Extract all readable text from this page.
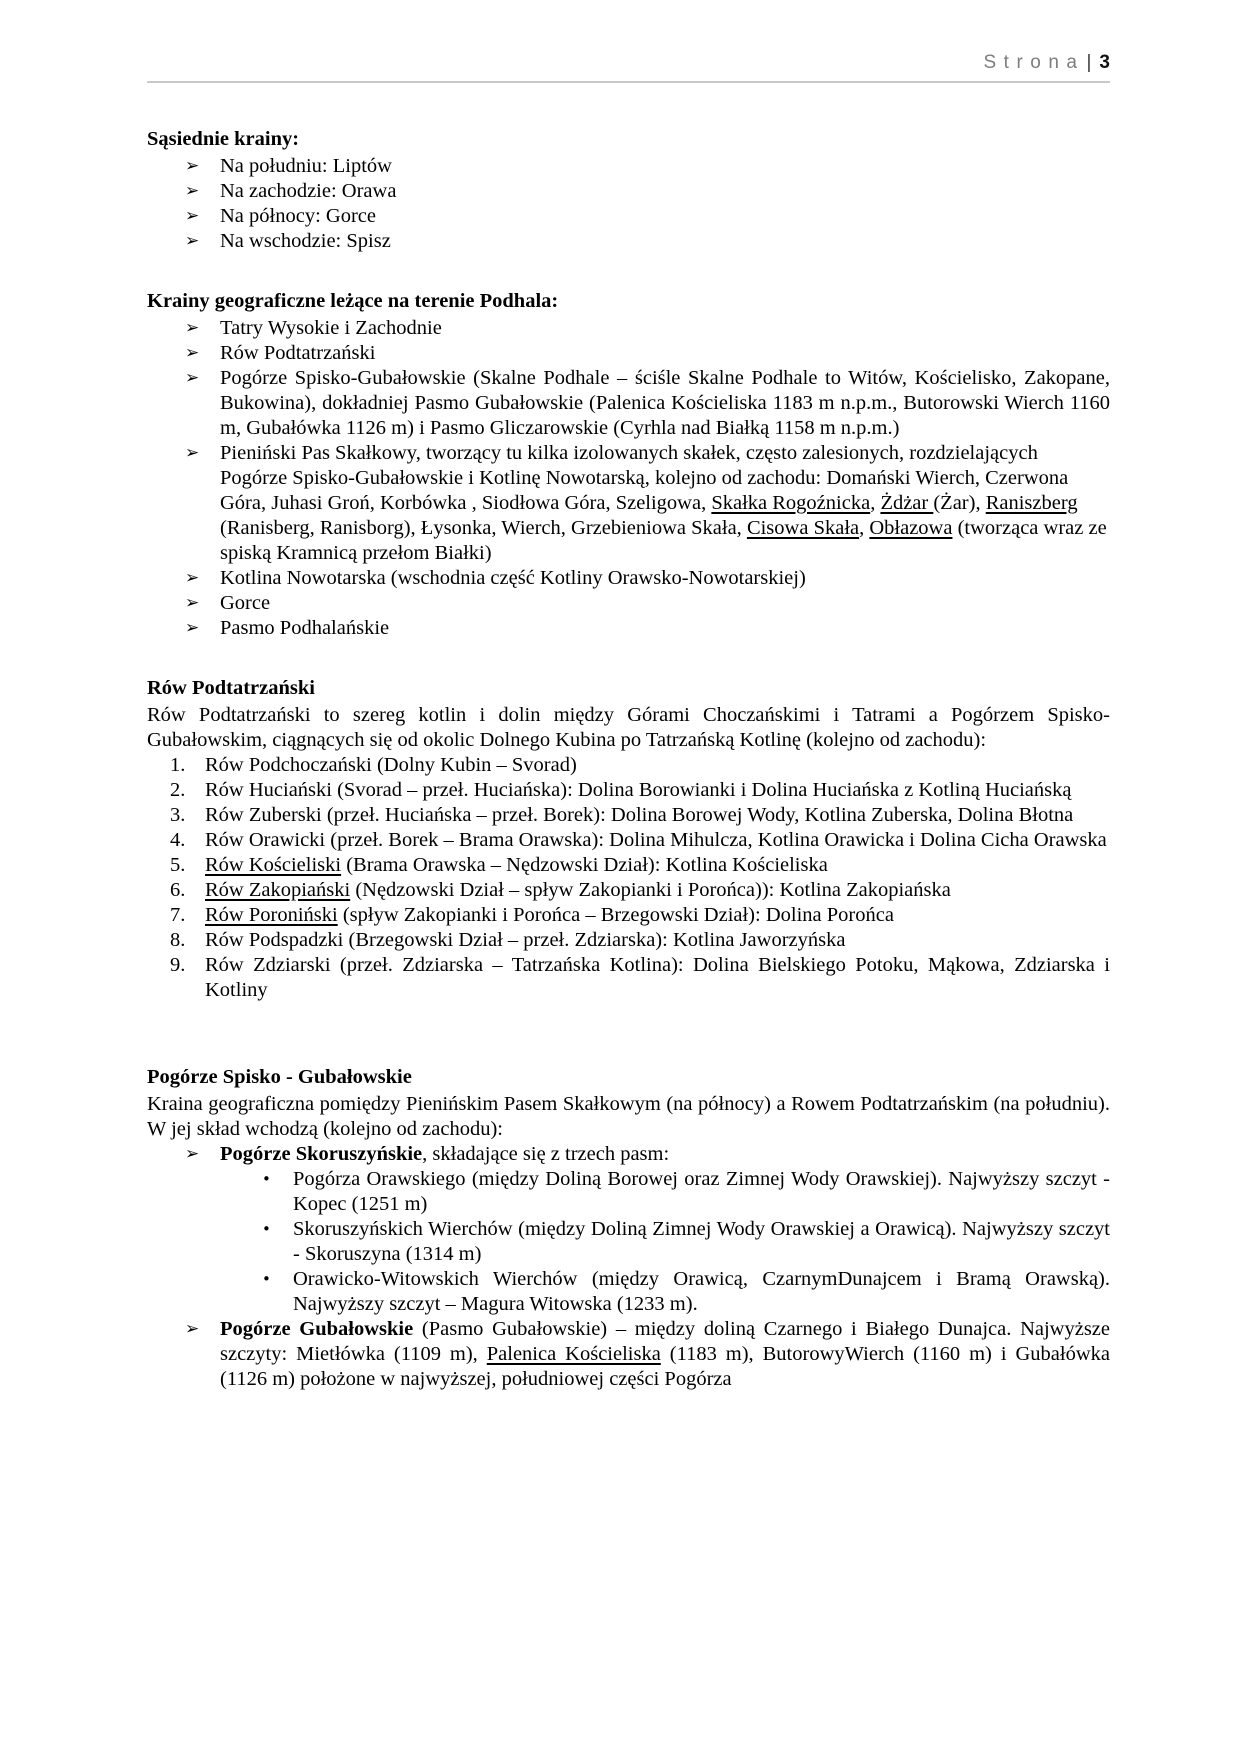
Strona | 3

Sąsiednie krainy:

➢ Na południu: Liptów
➢ Na zachodzie: Orawa
➢ Na północy: Gorce
➢ Na wschodzie: Spisz

Krainy geograficzne leżące na terenie Podhala:

➢ Tatry Wysokie i Zachodnie
➢ Rów Podtatrzański
➢ Pogórze Spisko-Gubałowskie (Skalne Podhale – ściśle Skalne Podhale to Witów, Kościelisko, Zakopane, Bukowina), dokładniej Pasmo Gubałowskie (Palenica Kościeliska 1183 m n.p.m., Butorowski Wierch 1160 m, Gubałówka 1126 m) i Pasmo Gliczarowskie (Cyrhla nad Białką 1158 m n.p.m.)
➢ Pieniński Pas Skałkowy, tworzący tu kilka izolowanych skałek, często zalesionych, rozdzielających Pogórze Spisko-Gubałowskie i Kotlinę Nowotarską, kolejno od zachodu: Domański Wierch, Czerwona Góra, Juhasi Groń, Korbówka , Siodłowa Góra, Szeligowa, Skałka Rogoźnicka, Żdżar (Żar), Raniszberg (Ranisberg, Ranisborg), Łysonka, Wierch, Grzebieniowa Skała, Cisowa Skała, Obłazowa (tworząca wraz ze spiską Kramnicą przełom Białki)
➢ Kotlina Nowotarska (wschodnia część Kotliny Orawsko-Nowotarskiej)
➢ Gorce
➢ Pasmo Podhalańskie

Rów Podtatrzański

Rów Podtatrzański to szereg kotlin i dolin między Górami Choczańskimi i Tatrami a Pogórzem Spisko-Gubałowskim, ciągnących się od okolic Dolnego Kubina po Tatrzańską Kotlinę (kolejno od zachodu):

1. Rów Podchoczański (Dolny Kubin – Svorad)
2. Rów Huciański (Svorad – przeł. Huciańska): Dolina Borowianki i Dolina Huciańska z Kotliną Huciańską
3. Rów Zuberski (przeł. Huciańska – przeł. Borek): Dolina Borowej Wody, Kotlina Zuberska, Dolina Błotna
4. Rów Orawicki (przeł. Borek – Brama Orawska): Dolina Mihulcza, Kotlina Orawicka i Dolina Cicha Orawska
5. Rów Kościeliski (Brama Orawska – Nędzowski Dział): Kotlina Kościeliska
6. Rów Zakopiański (Nędzowski Dział – spływ Zakopianki i Porońca)): Kotlina Zakopiańska
7. Rów Poroniński (spływ Zakopianki i Porońca – Brzegowski Dział): Dolina Porońca
8. Rów Podspadzki (Brzegowski Dział – przeł. Zdziarska): Kotlina Jaworzyńska
9. Rów Zdziarski (przeł. Zdziarska – Tatrzańska Kotlina): Dolina Bielskiego Potoku, Mąkowa, Zdziarska i Kotliny

Pogórze Spisko - Gubałowskie

Kraina geograficzna pomiędzy Pienińskim Pasem Skałkowym (na północy) a Rowem Podtatrzańskim (na południu). W jej skład wchodzą (kolejno od zachodu):

➢ Pogórze Skoruszyńskie, składające się z trzech pasm:
• Pogórza Orawskiego (między Doliną Borowej oraz Zimnej Wody Orawskiej). Najwyższy szczyt - Kopec (1251 m)
• Skoruszyńskich Wierchów (między Doliną Zimnej Wody Orawskiej a Orawicą). Najwyższy szczyt - Skoruszyna (1314 m)
• Orawicko-Witowskich Wierchów (między Orawicą, CzarnymDunajcem i Bramą Orawską). Najwyższy szczyt – Magura Witowska (1233 m).
➢ Pogórze Gubałowskie (Pasmo Gubałowskie) – między doliną Czarnego i Białego Dunajca. Najwyższe szczyty: Mietłówka (1109 m), Palenica Kościeliska (1183 m), ButorowyWierch (1160 m) i Gubałówka (1126 m) położone w najwyższej, południowej części Pogórza
